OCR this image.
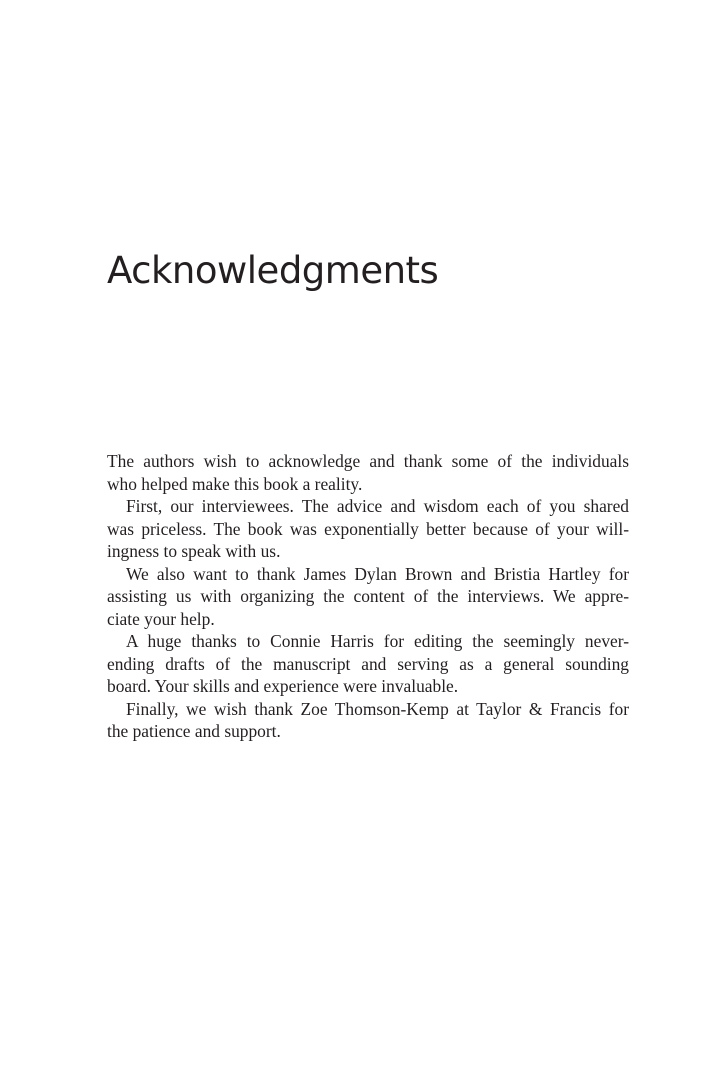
Acknowledgments
The authors wish to acknowledge and thank some of the individuals
who helped make this book a reality.
First, our interviewees. The advice and wisdom each of you shared
was priceless. The book was exponentially better because of your will-
ingness to speak with us.
We also want to thank James Dylan Brown and Bristia Hartley for
assisting us with organizing the content of the interviews. We appre-
ciate your help.
A huge thanks to Connie Harris for editing the seemingly never-
ending drafts of the manuscript and serving as a general sounding
board. Your skills and experience were invaluable.
Finally, we wish thank Zoe Thomson-Kemp at Taylor & Francis for
the patience and support.
